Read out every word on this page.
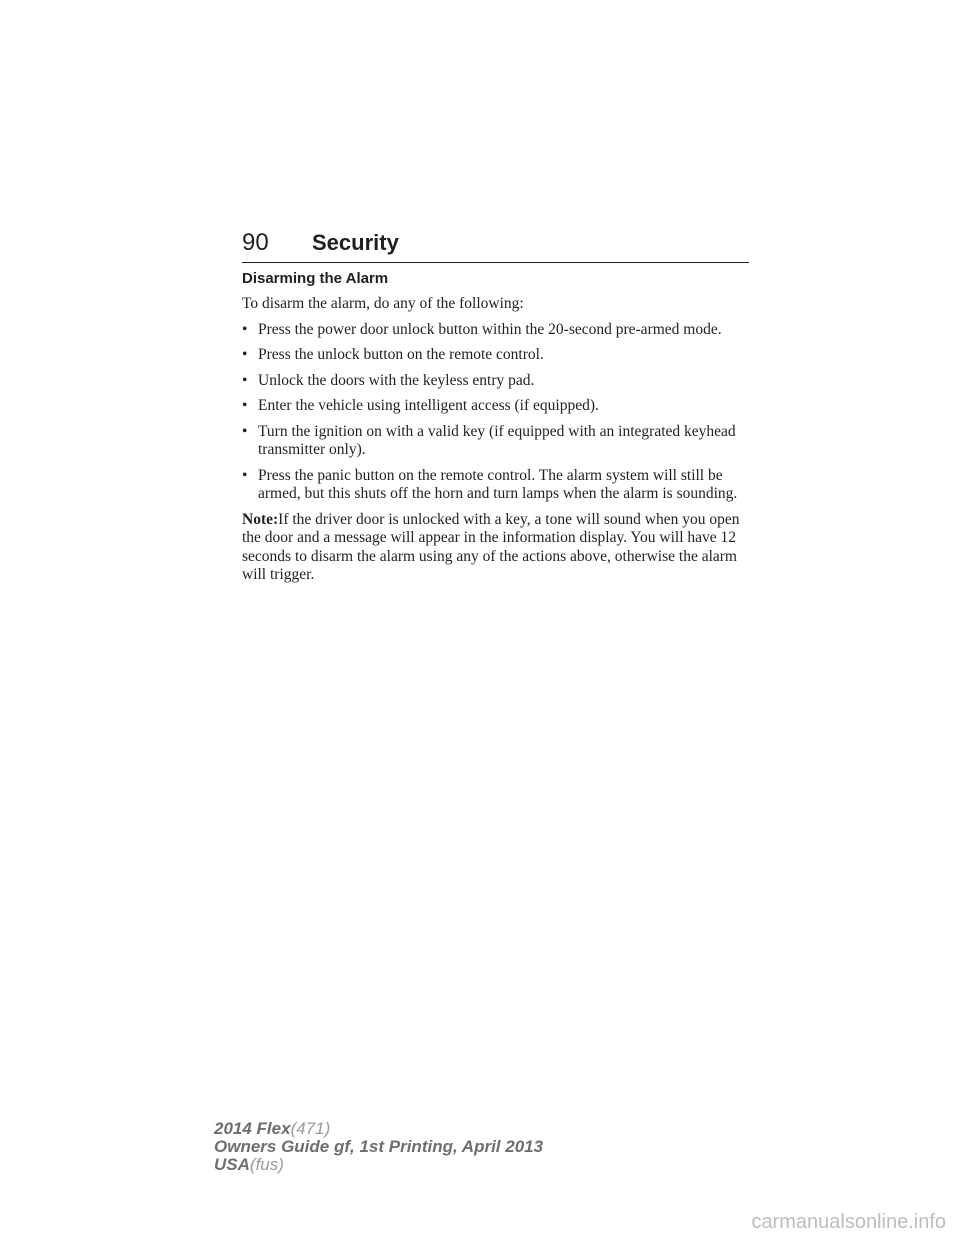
90 Security
Disarming the Alarm

To disarm the alarm, do any of the following:

• Press the power door unlock button within the 20-second pre-armed mode.
• Press the unlock button on the remote control.
• Unlock the doors with the keyless entry pad.
• Enter the vehicle using intelligent access (if equipped).
• Turn the ignition on with a valid key (if equipped with an integrated keyhead transmitter only).
• Press the panic button on the remote control. The alarm system will still be armed, but this shuts off the horn and turn lamps when the alarm is sounding.

Note:If the driver door is unlocked with a key, a tone will sound when you open the door and a message will appear in the information display. You will have 12 seconds to disarm the alarm using any of the actions above, otherwise the alarm will trigger.

2014 Flex(471)
Owners Guide gf, 1st Printing, April 2013
USA(fus)
carmanualsonline.info
